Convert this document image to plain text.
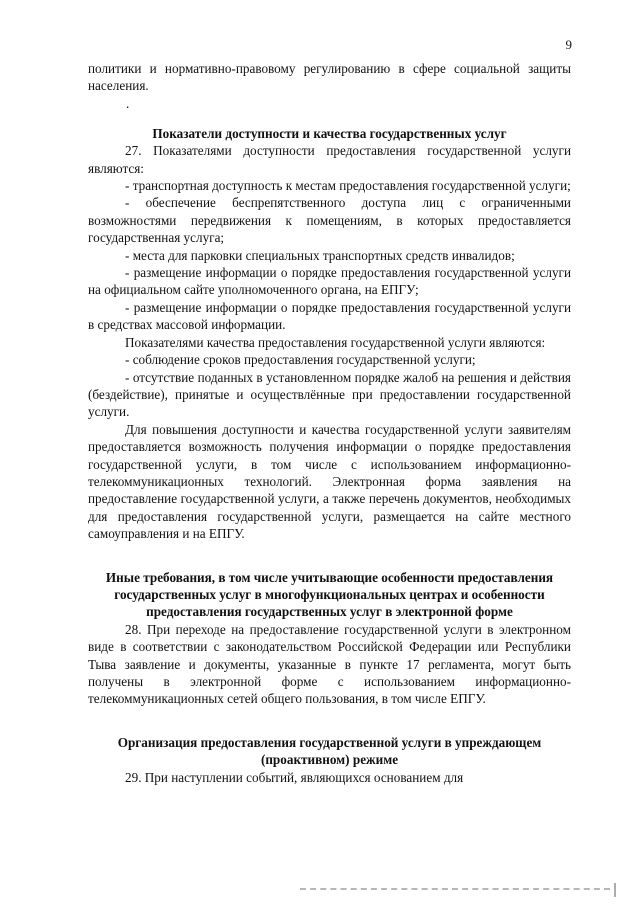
9

политики и нормативно-правовому регулированию в сфере социальной защиты населения.

.
Показатели доступности и качества государственных услуг

27. Показателями доступности предоставления государственной услуги являются:

- транспортная доступность к местам предоставления государственной услуги;

- обеспечение беспрепятственного доступа лиц с ограниченными возможностями передвижения к помещениям, в которых предоставляется государственная услуга;

- места для парковки специальных транспортных средств инвалидов;

- размещение информации о порядке предоставления государственной услуги на официальном сайте уполномоченного органа, на ЕПГУ;

- размещение информации о порядке предоставления государственной услуги в средствах массовой информации.

Показателями качества предоставления государственной услуги являются:

- соблюдение сроков предоставления государственной услуги;

- отсутствие поданных в установленном порядке жалоб на решения и действия (бездействие), принятые и осуществлённые при предоставлении государственной услуги.

Для повышения доступности и качества государственной услуги заявителям предоставляется возможность получения информации о порядке предоставления государственной услуги, в том числе с использованием информационно-телекоммуникационных технологий. Электронная форма заявления на предоставление государственной услуги, а также перечень документов, необходимых для предоставления государственной услуги, размещается на сайте местного самоуправления и на ЕПГУ.

Иные требования, в том числе учитывающие особенности предоставления государственных услуг в многофункциональных центрах и особенности предоставления государственных услуг в электронной форме

28. При переходе на предоставление государственной услуги в электронном виде в соответствии с законодательством Российской Федерации или Республики Тыва заявление и документы, указанные в пункте 17 регламента, могут быть получены в электронной форме с использованием информационно-телекоммуникационных сетей общего пользования, в том числе ЕПГУ.

Организация предоставления государственной услуги в упреждающем (проактивном) режиме

29. При наступлении событий, являющихся основанием для
